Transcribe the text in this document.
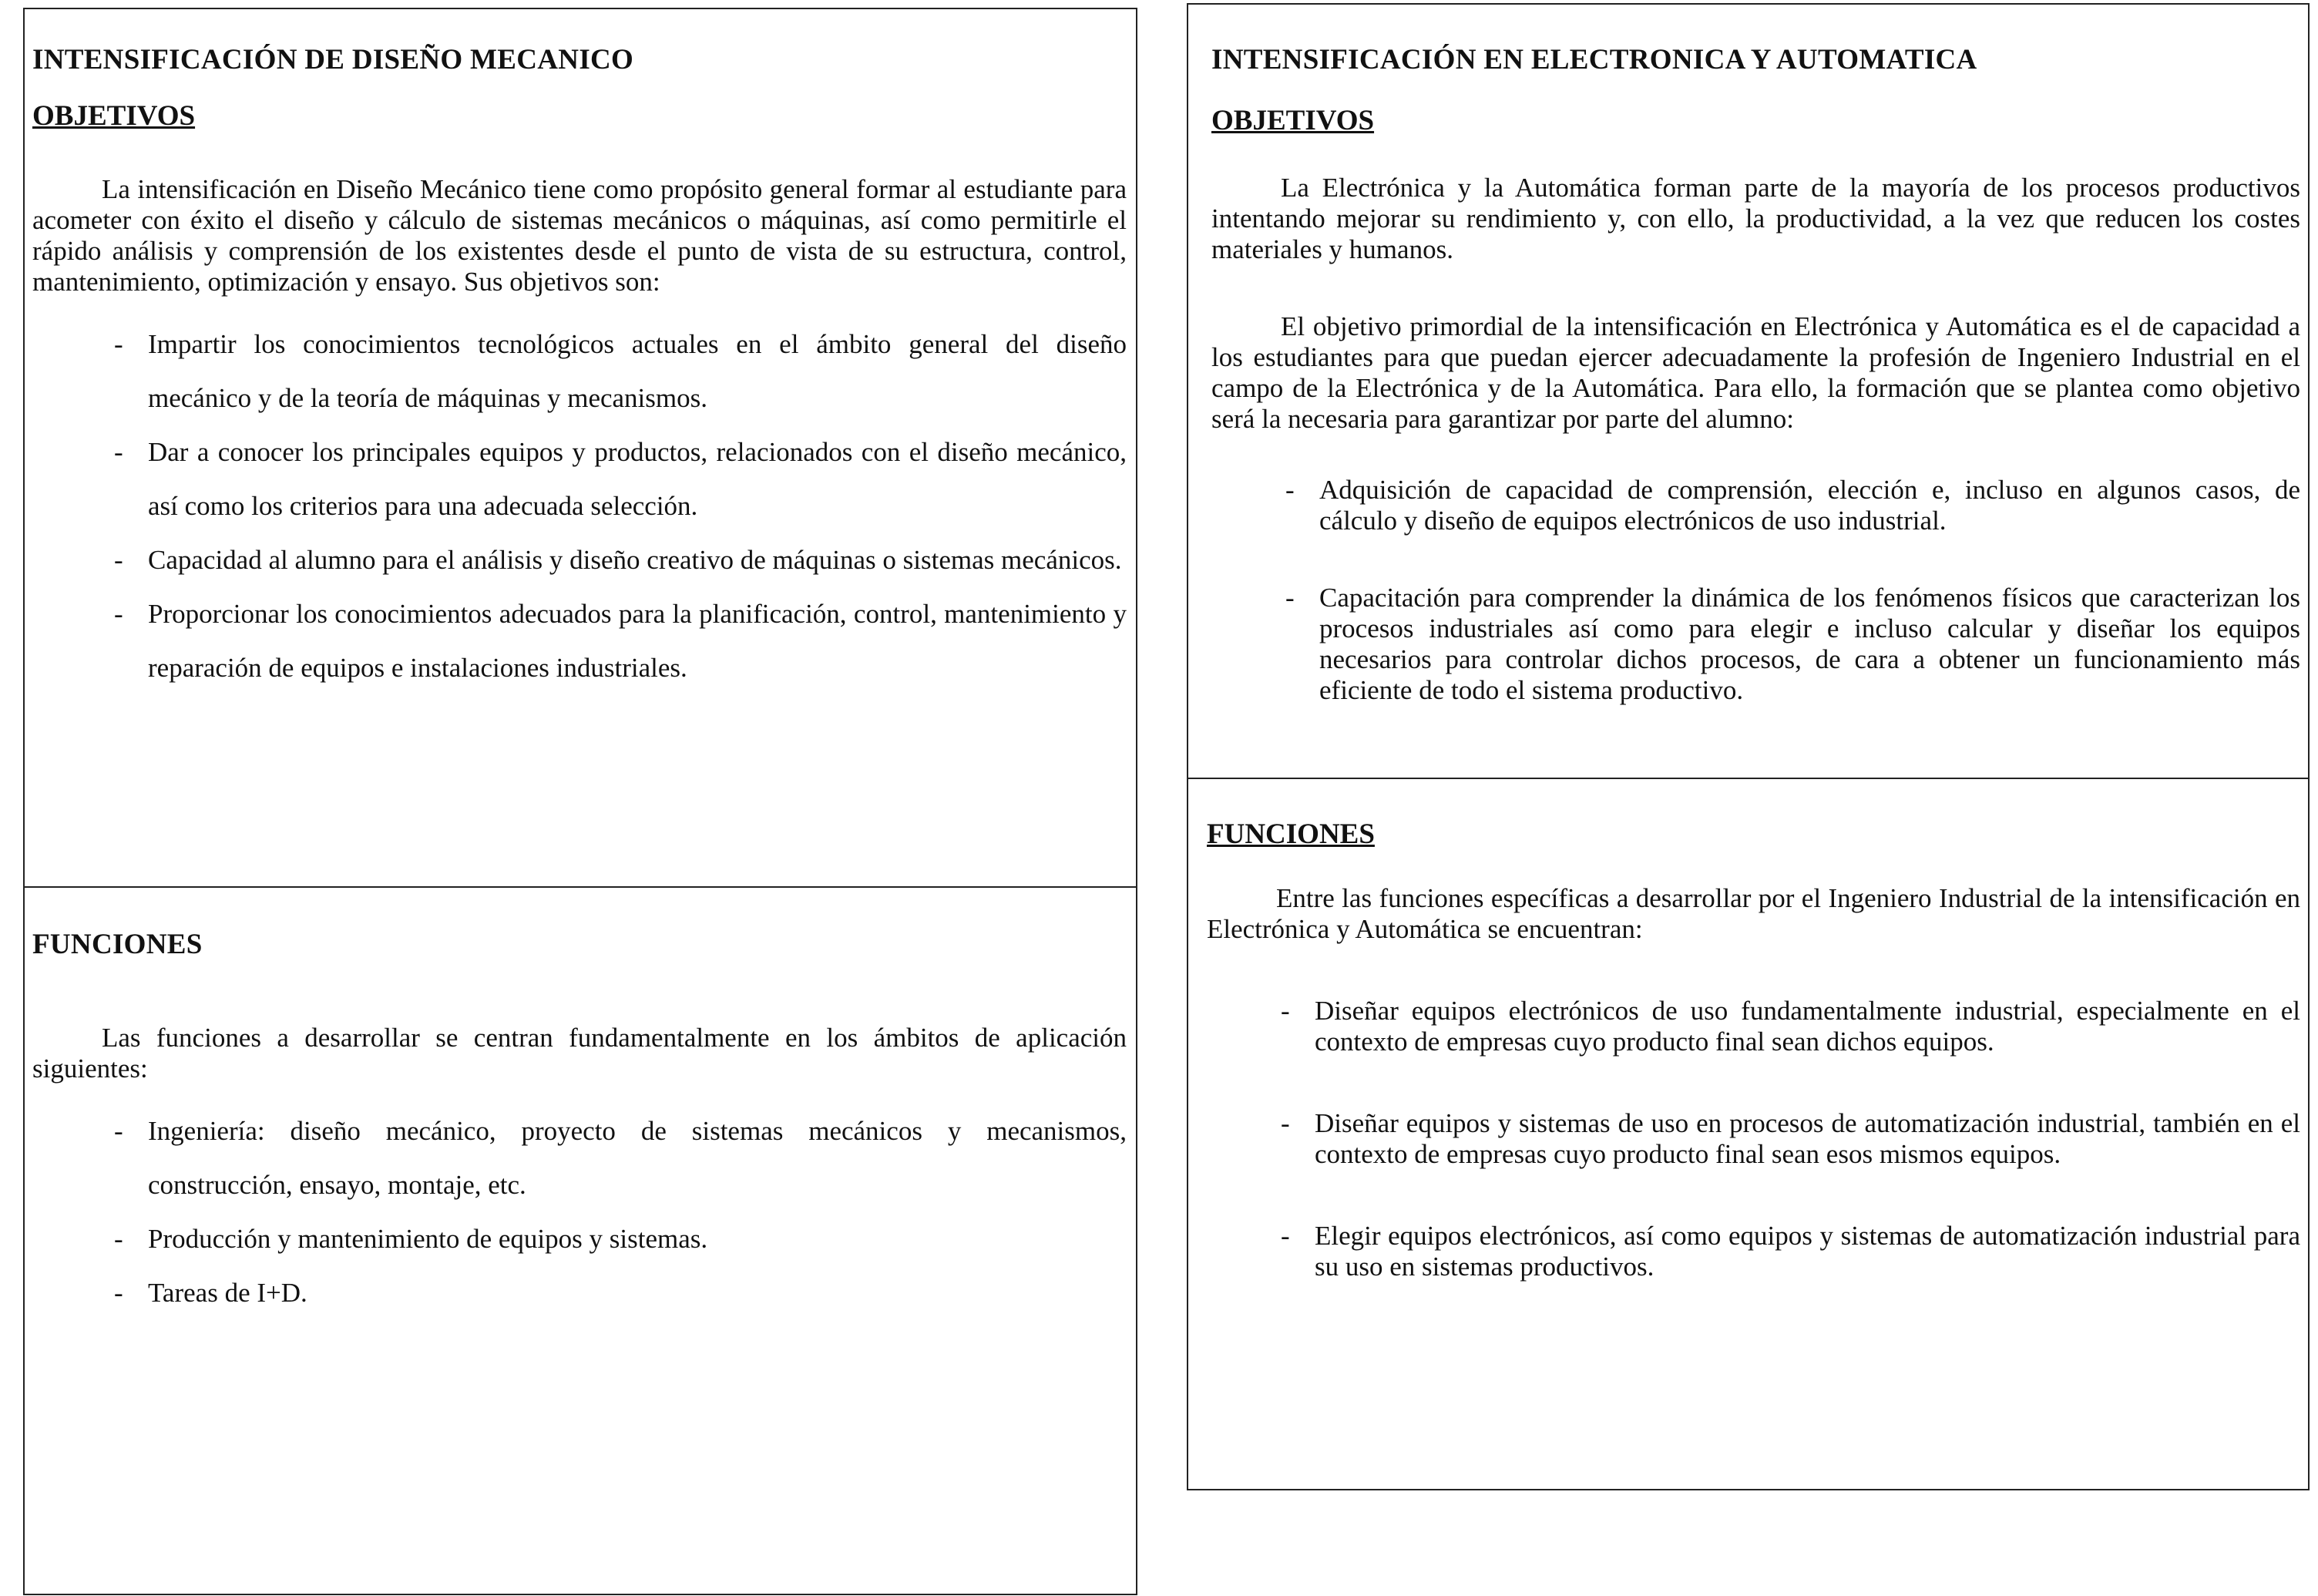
INTENSIFICACIÓN DE DISEÑO MECANICO
OBJETIVOS

La intensificación en Diseño Mecánico tiene como propósito general formar al estudiante para acometer con éxito el diseño y cálculo de sistemas mecánicos o máquinas, así como permitirle el rápido análisis y comprensión de los existentes desde el punto de vista de su estructura, control, mantenimiento, optimización y ensayo. Sus objetivos son:

- Impartir los conocimientos tecnológicos actuales en el ámbito general del diseño mecánico y de la teoría de máquinas y mecanismos.
- Dar a conocer los principales equipos y productos, relacionados con el diseño mecánico, así como los criterios para una adecuada selección.
- Capacidad al alumno para el análisis y diseño creativo de máquinas o sistemas mecánicos.
- Proporcionar los conocimientos adecuados para la planificación, control, mantenimiento y reparación de equipos e instalaciones industriales.
FUNCIONES

Las funciones a desarrollar se centran fundamentalmente en los ámbitos de aplicación siguientes:

- Ingeniería: diseño mecánico, proyecto de sistemas mecánicos y mecanismos, construcción, ensayo, montaje, etc.
- Producción y mantenimiento de equipos y sistemas.
- Tareas de I+D.
INTENSIFICACIÓN EN ELECTRONICA Y AUTOMATICA
OBJETIVOS

La Electrónica y la Automática forman parte de la mayoría de los procesos productivos intentando mejorar su rendimiento y, con ello, la productividad, a la vez que reducen los costes materiales y humanos.

El objetivo primordial de la intensificación en Electrónica y Automática es el de capacidad a los estudiantes para que puedan ejercer adecuadamente la profesión de Ingeniero Industrial en el campo de la Electrónica y de la Automática. Para ello, la formación que se plantea como objetivo será la necesaria para garantizar por parte del alumno:

- Adquisición de capacidad de comprensión, elección e, incluso en algunos casos, de cálculo y diseño de equipos electrónicos de uso industrial.
- Capacitación para comprender la dinámica de los fenómenos físicos que caracterizan los procesos industriales así como para elegir e incluso calcular y diseñar los equipos necesarios para controlar dichos procesos, de cara a obtener un funcionamiento más eficiente de todo el sistema productivo.
FUNCIONES

Entre las funciones específicas a desarrollar por el Ingeniero Industrial de la intensificación en Electrónica y Automática se encuentran:

- Diseñar equipos electrónicos de uso fundamentalmente industrial, especialmente en el contexto de empresas cuyo producto final sean dichos equipos.
- Diseñar equipos y sistemas de uso en procesos de automatización industrial, también en el contexto de empresas cuyo producto final sean esos mismos equipos.
- Elegir equipos electrónicos, así como equipos y sistemas de automatización industrial para su uso en sistemas productivos.
